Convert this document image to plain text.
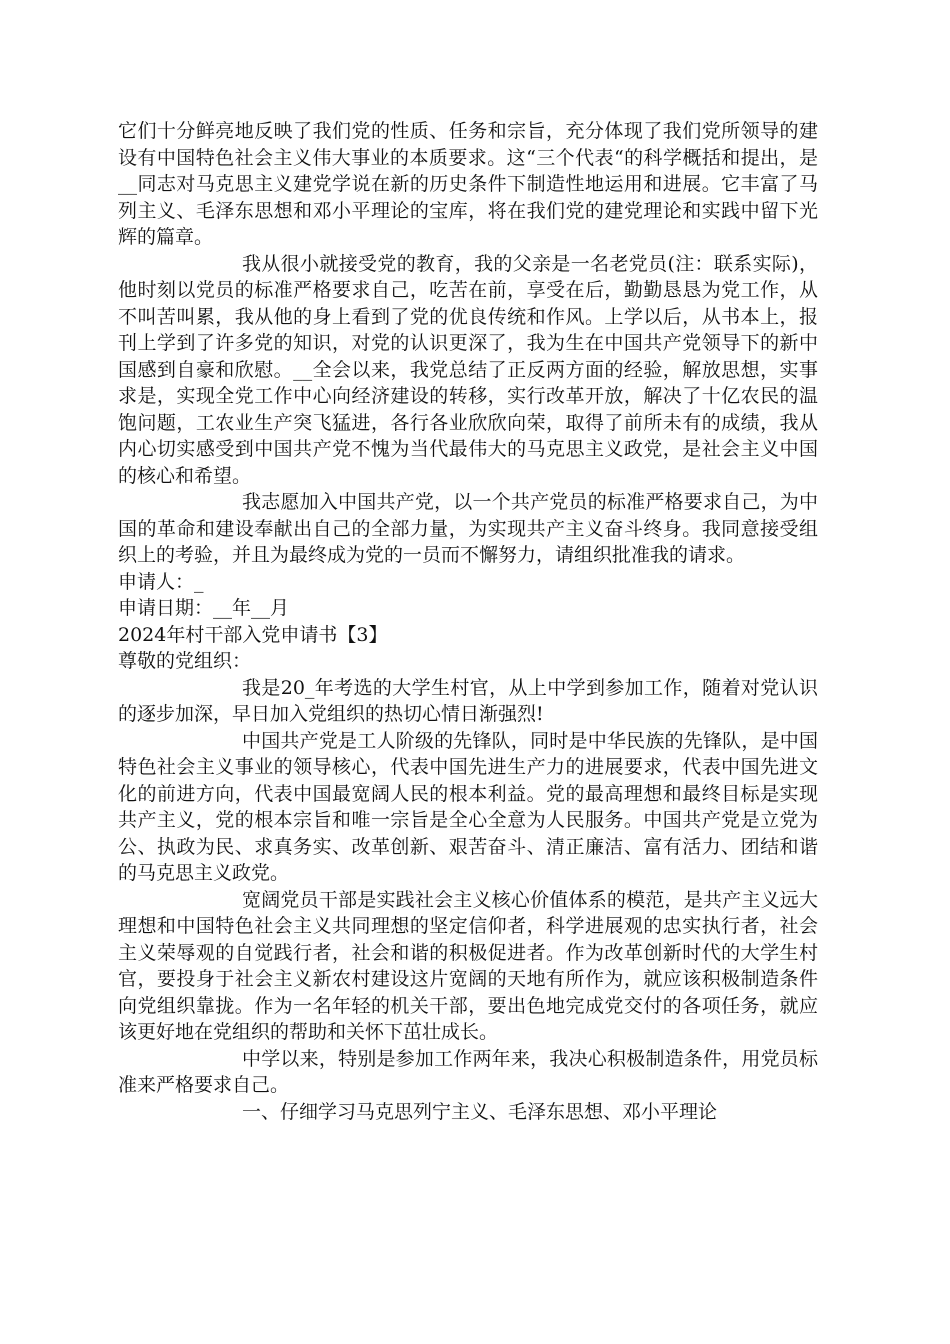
它们十分鲜亮地反映了我们党的性质、任务和宗旨，充分体现了我们党所领导的建设有中国特色社会主义伟大事业的本质要求。这“三个代表“的科学概括和提出，是__同志对马克思主义建党学说在新的历史条件下制造性地运用和进展。它丰富了马列主义、毛泽东思想和邓小平理论的宝库，将在我们党的建党理论和实践中留下光辉的篇章。

我从很小就接受党的教育，我的父亲是一名老党员(注：联系实际)，他时刻以党员的标准严格要求自己，吃苦在前，享受在后，勤勤恳恳为党工作，从不叫苦叫累，我从他的身上看到了党的优良传统和作风。上学以后，从书本上，报刊上学到了许多党的知识，对党的认识更深了，我为生在中国共产党领导下的新中国感到自豪和欣慰。__全会以来，我党总结了正反两方面的经验，解放思想，实事求是，实现全党工作中心向经济建设的转移，实行改革开放，解决了十亿农民的温饱问题，工农业生产突飞猛进，各行各业欣欣向荣，取得了前所未有的成绩，我从内心切实感受到中国共产党不愧为当代最伟大的马克思主义政党，是社会主义中国的核心和希望。

我志愿加入中国共产党，以一个共产党员的标准严格要求自己，为中国的革命和建设奉献出自己的全部力量，为实现共产主义奋斗终身。我同意接受组织上的考验，并且为最终成为党的一员而不懈努力，请组织批准我的请求。

申请人：_

申请日期：__年__月

2024年村干部入党申请书【3】

尊敬的党组织：

我是20_年考选的大学生村官，从上中学到参加工作，随着对党认识的逐步加深，早日加入党组织的热切心情日渐强烈!

中国共产党是工人阶级的先锋队，同时是中华民族的先锋队，是中国特色社会主义事业的领导核心，代表中国先进生产力的进展要求，代表中国先进文化的前进方向，代表中国最宽阔人民的根本利益。党的最高理想和最终目标是实现共产主义，党的根本宗旨和唯一宗旨是全心全意为人民服务。中国共产党是立党为公、执政为民、求真务实、改革创新、艰苦奋斗、清正廉洁、富有活力、团结和谐的马克思主义政党。

宽阔党员干部是实践社会主义核心价值体系的模范，是共产主义远大理想和中国特色社会主义共同理想的坚定信仰者，科学进展观的忠实执行者，社会主义荣辱观的自觉践行者，社会和谐的积极促进者。作为改革创新时代的大学生村官，要投身于社会主义新农村建设这片宽阔的天地有所作为，就应该积极制造条件向党组织靠拢。作为一名年轻的机关干部，要出色地完成党交付的各项任务，就应该更好地在党组织的帮助和关怀下茁壮成长。

中学以来，特别是参加工作两年来，我决心积极制造条件，用党员标准来严格要求自己。

一、仔细学习马克思列宁主义、毛泽东思想、邓小平理论
